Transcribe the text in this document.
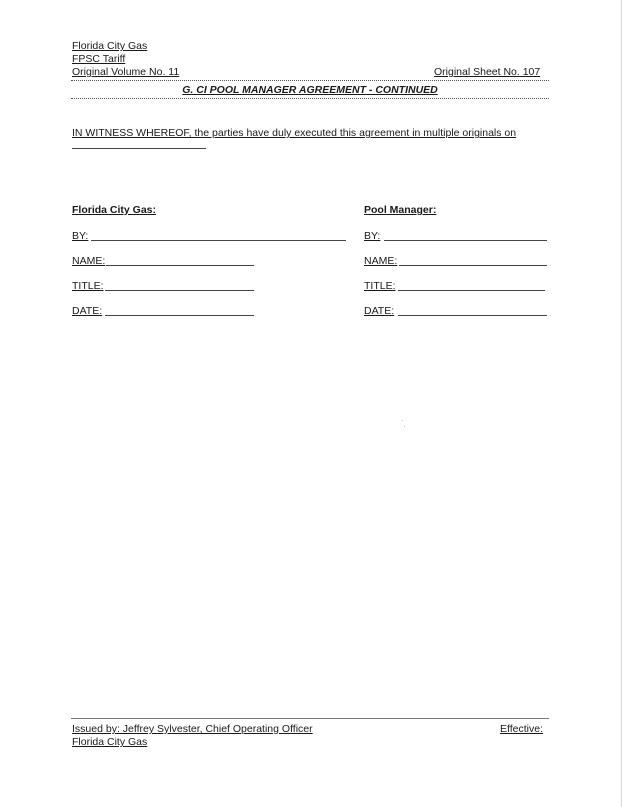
Florida City Gas
FPSC Tariff
Original Volume No. 11	Original Sheet No. 107
G. CI POOL MANAGER AGREEMENT - CONTINUED
IN WITNESS WHEREOF, the parties have duly executed this agreement in multiple originals on
Florida City Gas:
BY:
NAME:
TITLE:
DATE:
Pool Manager:
BY:
NAME:
TITLE:
DATE:
Issued by: Jeffrey Sylvester, Chief Operating Officer
Florida City Gas
Effective:
